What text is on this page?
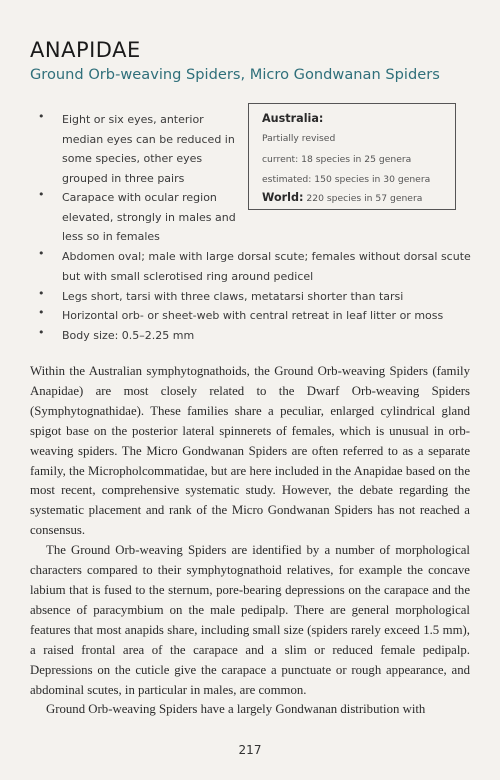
ANAPIDAE
Ground Orb-weaving Spiders, Micro Gondwanan Spiders
• Eight or six eyes, anterior median eyes can be reduced in some species, other eyes grouped in three pairs
• Carapace with ocular region elevated, strongly in males and less so in females
• Abdomen oval; male with large dorsal scute; females without dorsal scute but with small sclerotised ring around pedicel
• Legs short, tarsi with three claws, metatarsi shorter than tarsi
• Horizontal orb- or sheet-web with central retreat in leaf litter or moss
• Body size: 0.5–2.25 mm
Australia:
Partially revised
current: 18 species in 25 genera
estimated: 150 species in 30 genera
World: 220 species in 57 genera

Within the Australian symphytognathoids, the Ground Orb-weaving Spiders (family Anapidae) are most closely related to the Dwarf Orb-weaving Spiders (Symphytognathidae). These families share a peculiar, enlarged cylindrical gland spigot base on the posterior lateral spinnerets of females, which is unusual in orb-weaving spiders. The Micro Gondwanan Spiders are often referred to as a separate family, the Micropholcommatidae, but are here included in the Anapidae based on the most recent, comprehensive systematic study. However, the debate regarding the systematic placement and rank of the Micro Gondwanan Spiders has not reached a consensus.

The Ground Orb-weaving Spiders are identified by a number of morphological characters compared to their symphytognathoid relatives, for example the concave labium that is fused to the sternum, pore-bearing depressions on the carapace and the absence of paracymbium on the male pedipalp. There are general morphological features that most anapids share, including small size (spiders rarely exceed 1.5 mm), a raised frontal area of the carapace and a slim or reduced female pedipalp. Depressions on the cuticle give the carapace a punctuate or rough appearance, and abdominal scutes, in particular in males, are common.

Ground Orb-weaving Spiders have a largely Gondwanan distribution with

217
